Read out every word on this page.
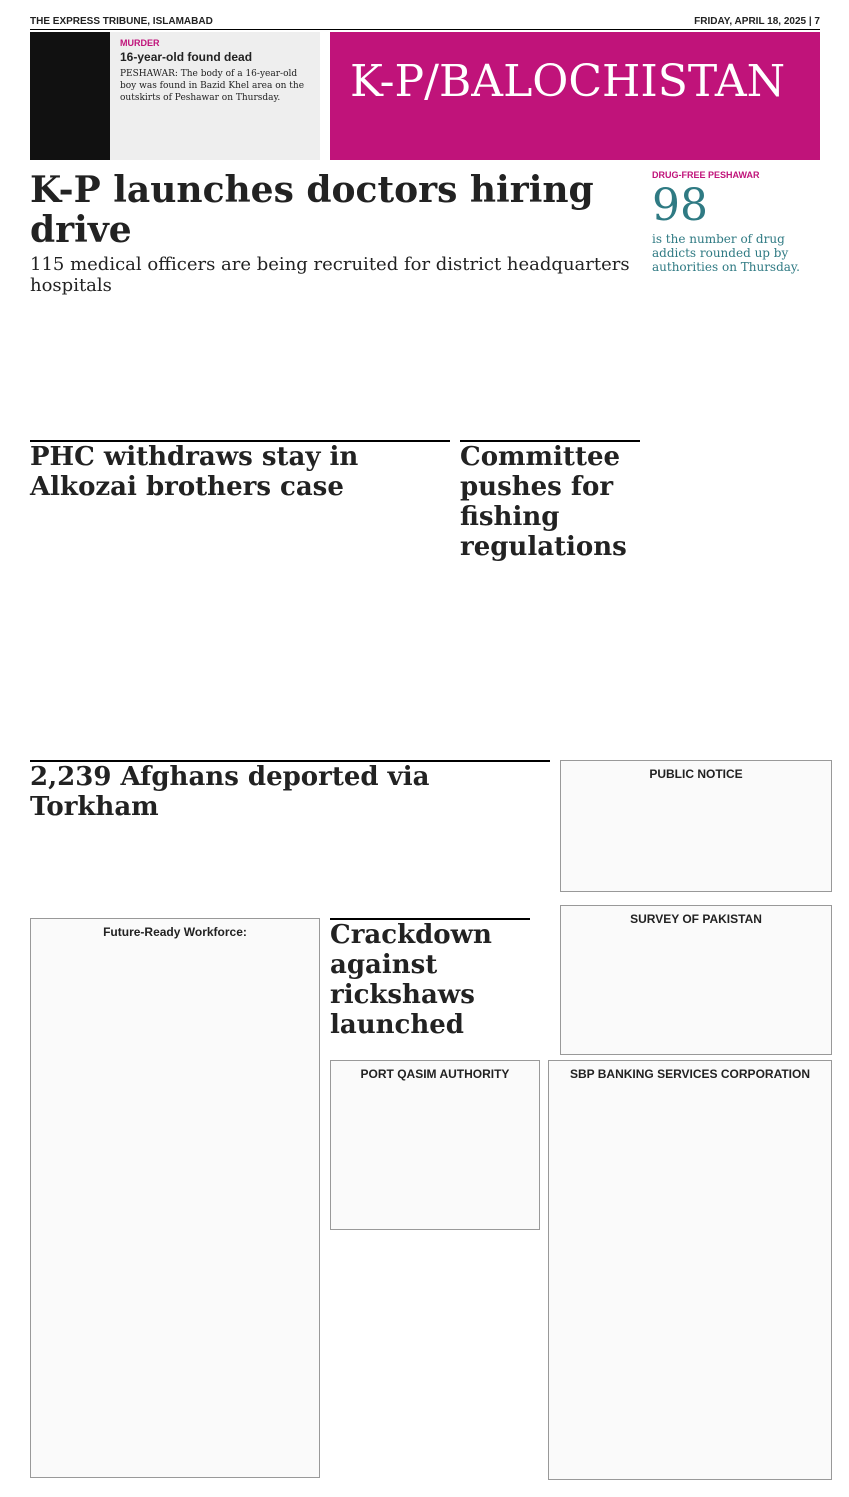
THE EXPRESS TRIBUNE, ISLAMABAD	FRIDAY, APRIL 18, 2025 | 7
MURDER
16-year-old found dead
PESHAWAR: The body of a 16-year-old boy was found in Bazid Khel area on the outskirts of Peshawar on Thursday.	K-P/BALOCHISTAN
K-P launches doctors hiring drive
115 medical officers are being recruited for district headquarters hospitals
DRUG-FREE PESHAWAR
98
is the number of drug addicts rounded up by authorities on Thursday.
PHC withdraws stay in Alkozai brothers case
Committee pushes for fishing regulations
2,239 Afghans deported via Torkham
Crackdown against rickshaws launched
PUBLIC NOTICE
SURVEY OF PAKISTAN
Future-Ready Workforce:
PORT QASIM AUTHORITY	SBP BANKING SERVICES CORPORATION
